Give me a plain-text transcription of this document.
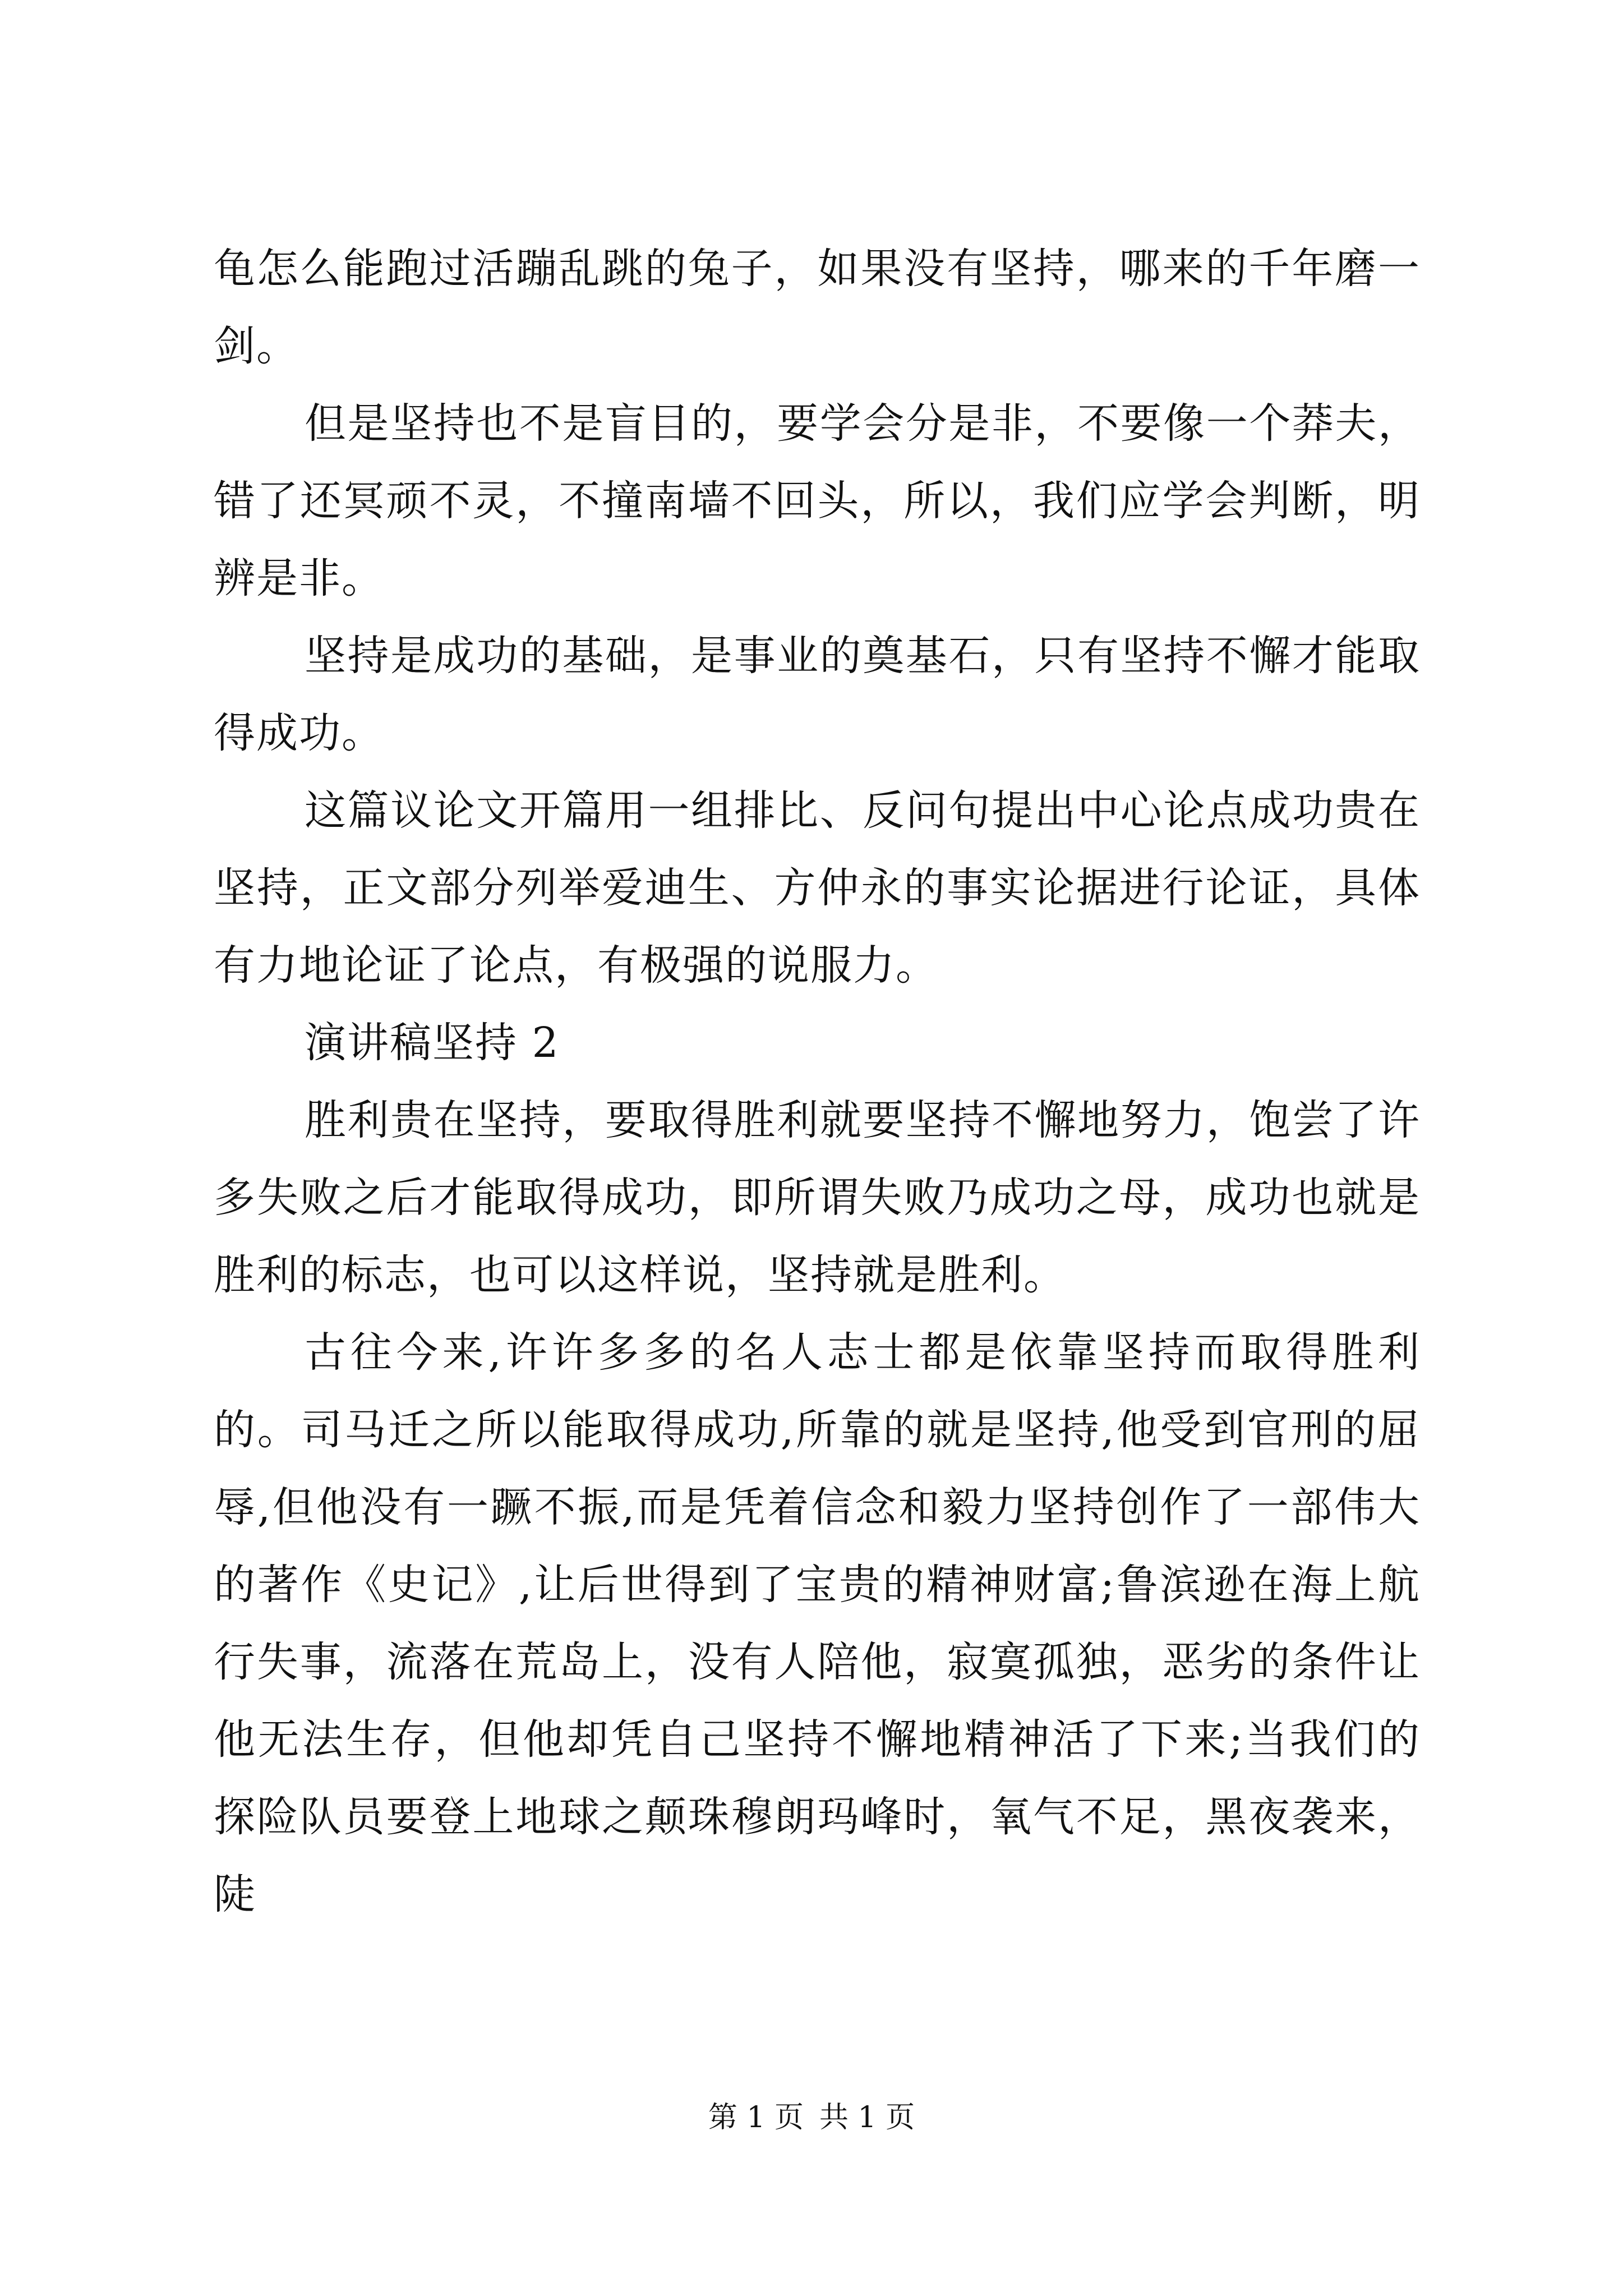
龟怎么能跑过活蹦乱跳的兔子，如果没有坚持，哪来的千年磨一剑。

但是坚持也不是盲目的，要学会分是非，不要像一个莽夫，错了还冥顽不灵，不撞南墙不回头，所以，我们应学会判断，明辨是非。

坚持是成功的基础，是事业的奠基石，只有坚持不懈才能取得成功。

这篇议论文开篇用一组排比、反问句提出中心论点成功贵在坚持，正文部分列举爱迪生、方仲永的事实论据进行论证，具体有力地论证了论点，有极强的说服力。

演讲稿坚持 2

胜利贵在坚持，要取得胜利就要坚持不懈地努力，饱尝了许多失败之后才能取得成功，即所谓失败乃成功之母，成功也就是胜利的标志，也可以这样说，坚持就是胜利。

古往今来,许许多多的名人志士都是依靠坚持而取得胜利的。司马迁之所以能取得成功,所靠的就是坚持,他受到官刑的屈辱,但他没有一蹶不振,而是凭着信念和毅力坚持创作了一部伟大的著作《史记》,让后世得到了宝贵的精神财富;鲁滨逊在海上航行失事，流落在荒岛上，没有人陪他，寂寞孤独，恶劣的条件让他无法生存，但他却凭自己坚持不懈地精神活了下来;当我们的探险队员要登上地球之颠珠穆朗玛峰时，氧气不足，黑夜袭来，陡

第 1 页 共 1 页
